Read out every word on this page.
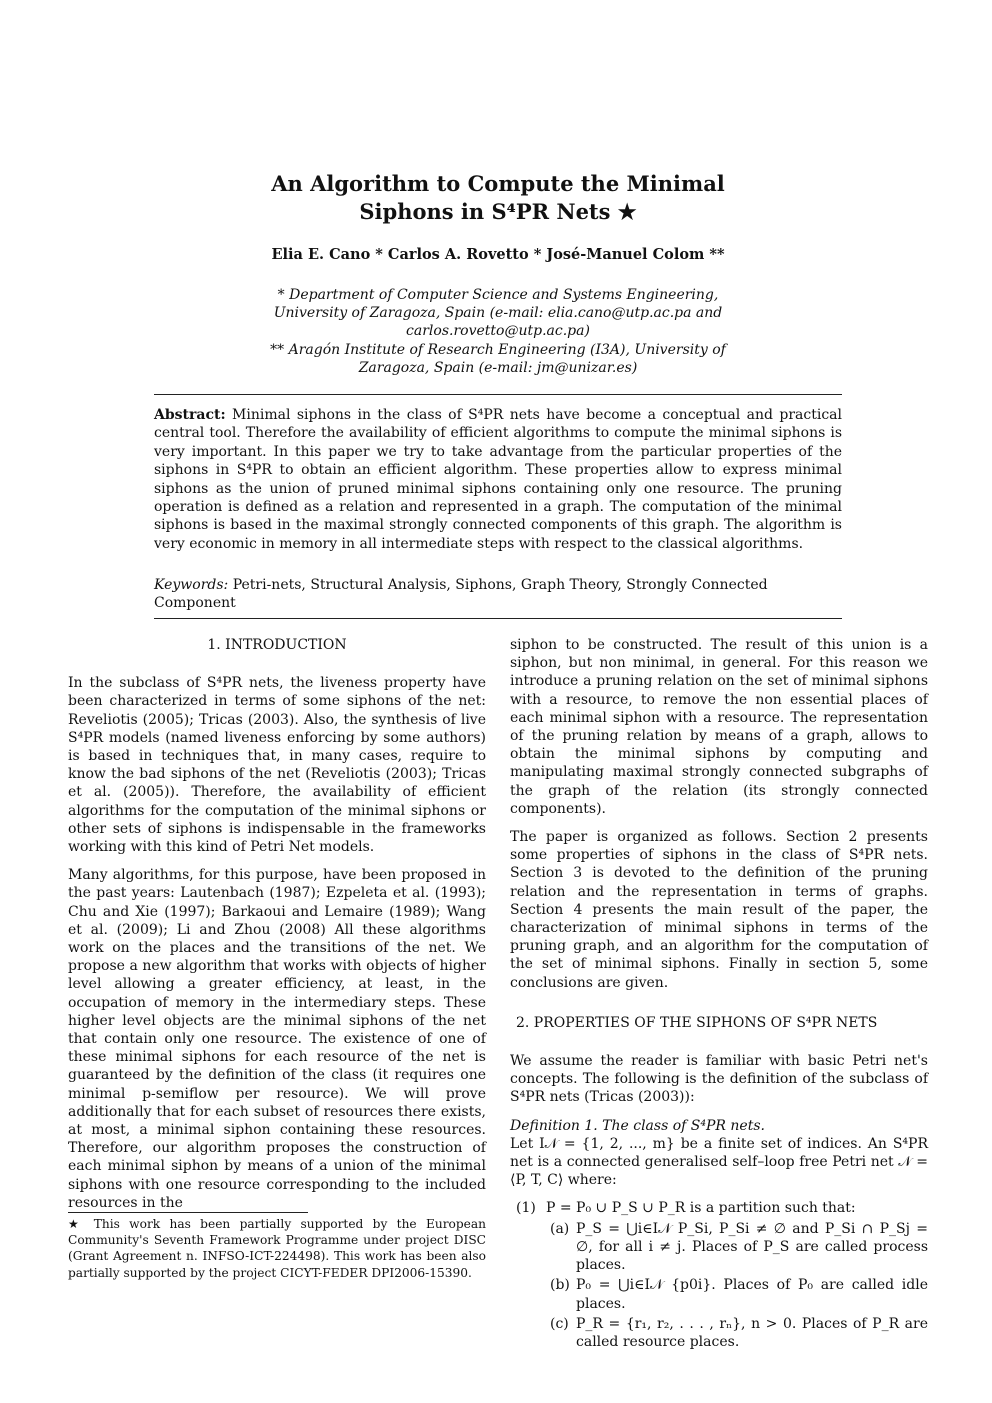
An Algorithm to Compute the Minimal
Siphons in S⁴PR Nets ★
Elia E. Cano * Carlos A. Rovetto * José-Manuel Colom **
* Department of Computer Science and Systems Engineering,
University of Zaragoza, Spain (e-mail: elia.cano@utp.ac.pa and
carlos.rovetto@utp.ac.pa)
** Aragón Institute of Research Engineering (I3A), University of
Zaragoza, Spain (e-mail: jm@unizar.es)
Abstract: Minimal siphons in the class of S⁴PR nets have become a conceptual and practical central tool. Therefore the availability of efficient algorithms to compute the minimal siphons is very important. In this paper we try to take advantage from the particular properties of the siphons in S⁴PR to obtain an efficient algorithm. These properties allow to express minimal siphons as the union of pruned minimal siphons containing only one resource. The pruning operation is defined as a relation and represented in a graph. The computation of the minimal siphons is based in the maximal strongly connected components of this graph. The algorithm is very economic in memory in all intermediate steps with respect to the classical algorithms.
Keywords: Petri-nets, Structural Analysis, Siphons, Graph Theory, Strongly Connected Component
1. INTRODUCTION

In the subclass of S⁴PR nets, the liveness property have been characterized in terms of some siphons of the net: Reveliotis (2005); Tricas (2003). Also, the synthesis of live S⁴PR models (named liveness enforcing by some authors) is based in techniques that, in many cases, require to know the bad siphons of the net (Reveliotis (2003); Tricas et al. (2005)). Therefore, the availability of efficient algorithms for the computation of the minimal siphons or other sets of siphons is indispensable in the frameworks working with this kind of Petri Net models.

Many algorithms, for this purpose, have been proposed in the past years: Lautenbach (1987); Ezpeleta et al. (1993); Chu and Xie (1997); Barkaoui and Lemaire (1989); Wang et al. (2009); Li and Zhou (2008) All these algorithms work on the places and the transitions of the net. We propose a new algorithm that works with objects of higher level allowing a greater efficiency, at least, in the occupation of memory in the intermediary steps. These higher level objects are the minimal siphons of the net that contain only one resource. The existence of one of these minimal siphons for each resource of the net is guaranteed by the definition of the class (it requires one minimal p-semiflow per resource). We will prove additionally that for each subset of resources there exists, at most, a minimal siphon containing these resources. Therefore, our algorithm proposes the construction of each minimal siphon by means of a union of the minimal siphons with one resource corresponding to the included resources in the

★ This work has been partially supported by the European Community's Seventh Framework Programme under project DISC (Grant Agreement n. INFSO-ICT-224498). This work has been also partially supported by the project CICYT-FEDER DPI2006-15390.

siphon to be constructed. The result of this union is a siphon, but non minimal, in general. For this reason we introduce a pruning relation on the set of minimal siphons with a resource, to remove the non essential places of each minimal siphon with a resource. The representation of the pruning relation by means of a graph, allows to obtain the minimal siphons by computing and manipulating maximal strongly connected subgraphs of the graph of the relation (its strongly connected components).

The paper is organized as follows. Section 2 presents some properties of siphons in the class of S⁴PR nets. Section 3 is devoted to the definition of the pruning relation and the representation in terms of graphs. Section 4 presents the main result of the paper, the characterization of minimal siphons in terms of the pruning graph, and an algorithm for the computation of the set of minimal siphons. Finally in section 5, some conclusions are given.

2. PROPERTIES OF THE SIPHONS OF S⁴PR NETS

We assume the reader is familiar with basic Petri net's concepts. The following is the definition of the subclass of S⁴PR nets (Tricas (2003)):

Definition 1. The class of S⁴PR nets.

Let I𝒩 = {1, 2, ..., m} be a finite set of indices. An S⁴PR net is a connected generalised self–loop free Petri net 𝒩 = ⟨P, T, C⟩ where:

(1) P = P₀ ∪ P_S ∪ P_R is a partition such that:
(a) P_S = ⋃i∈I𝒩 P_Si, P_Si ≠ ∅ and P_Si ∩ P_Sj = ∅, for all i ≠ j. Places of P_S are called process places.
(b) P₀ = ⋃i∈I𝒩 {p0i}. Places of P₀ are called idle places.
(c) P_R = {r₁, r₂, . . . , rₙ}, n > 0. Places of P_R are called resource places.
